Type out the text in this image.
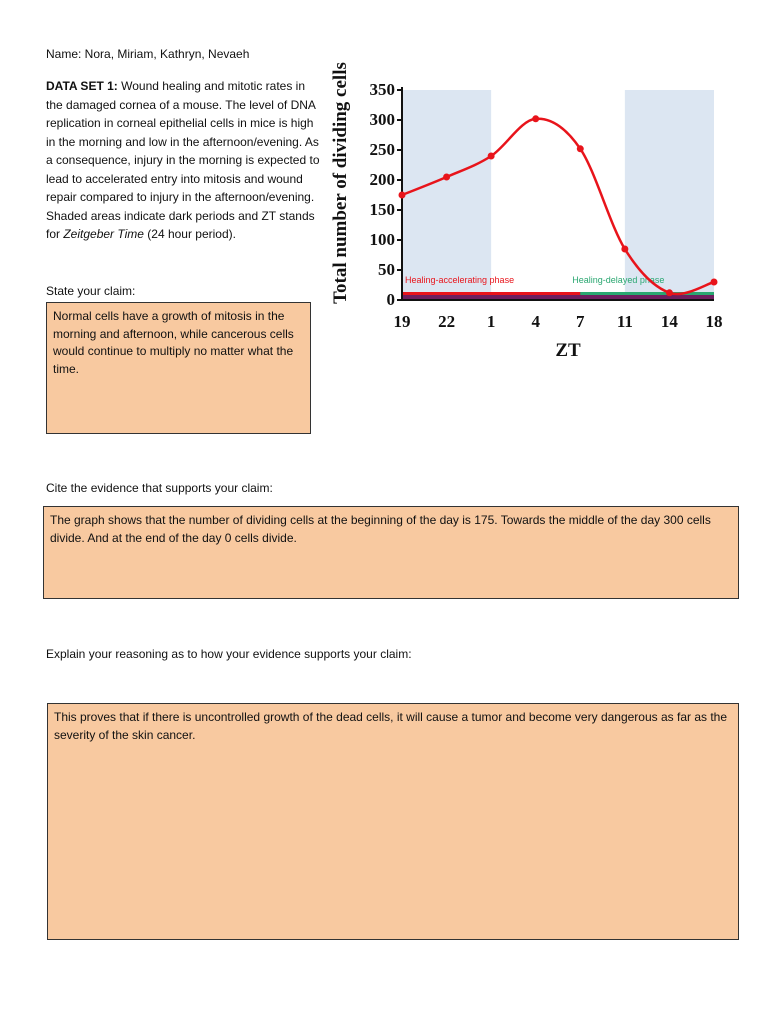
Name: Nora, Miriam, Kathryn, Nevaeh
DATA SET 1: Wound healing and mitotic rates in the damaged cornea of a mouse. The level of DNA replication in corneal epithelial cells in mice is high in the morning and low in the afternoon/evening. As a consequence, injury in the morning is expected to lead to accelerated entry into mitosis and wound repair compared to injury in the afternoon/evening. Shaded areas indicate dark periods and ZT stands for Zeitgeber Time (24 hour period).
State your claim:
Normal cells have a growth of mitosis in the morning and afternoon, while cancerous cells would continue to multiply no matter what the time.
Cite the evidence that supports your claim:
The graph shows that the number of dividing cells at the beginning of the day is 175. Towards the middle of the day 300 cells divide. And at the end of the day 0 cells divide.
Explain your reasoning as to how your evidence supports your claim:
This proves that if there is uncontrolled growth of the dead cells, it will cause a tumor and become very dangerous as far as the severity of the skin cancer.
Healing-accelerating phase	Healing-delayed phase
0
50
100
150
200
250
300
350
19 22 1 4 7 11 14 18
ZT
Total number of dividing cells
